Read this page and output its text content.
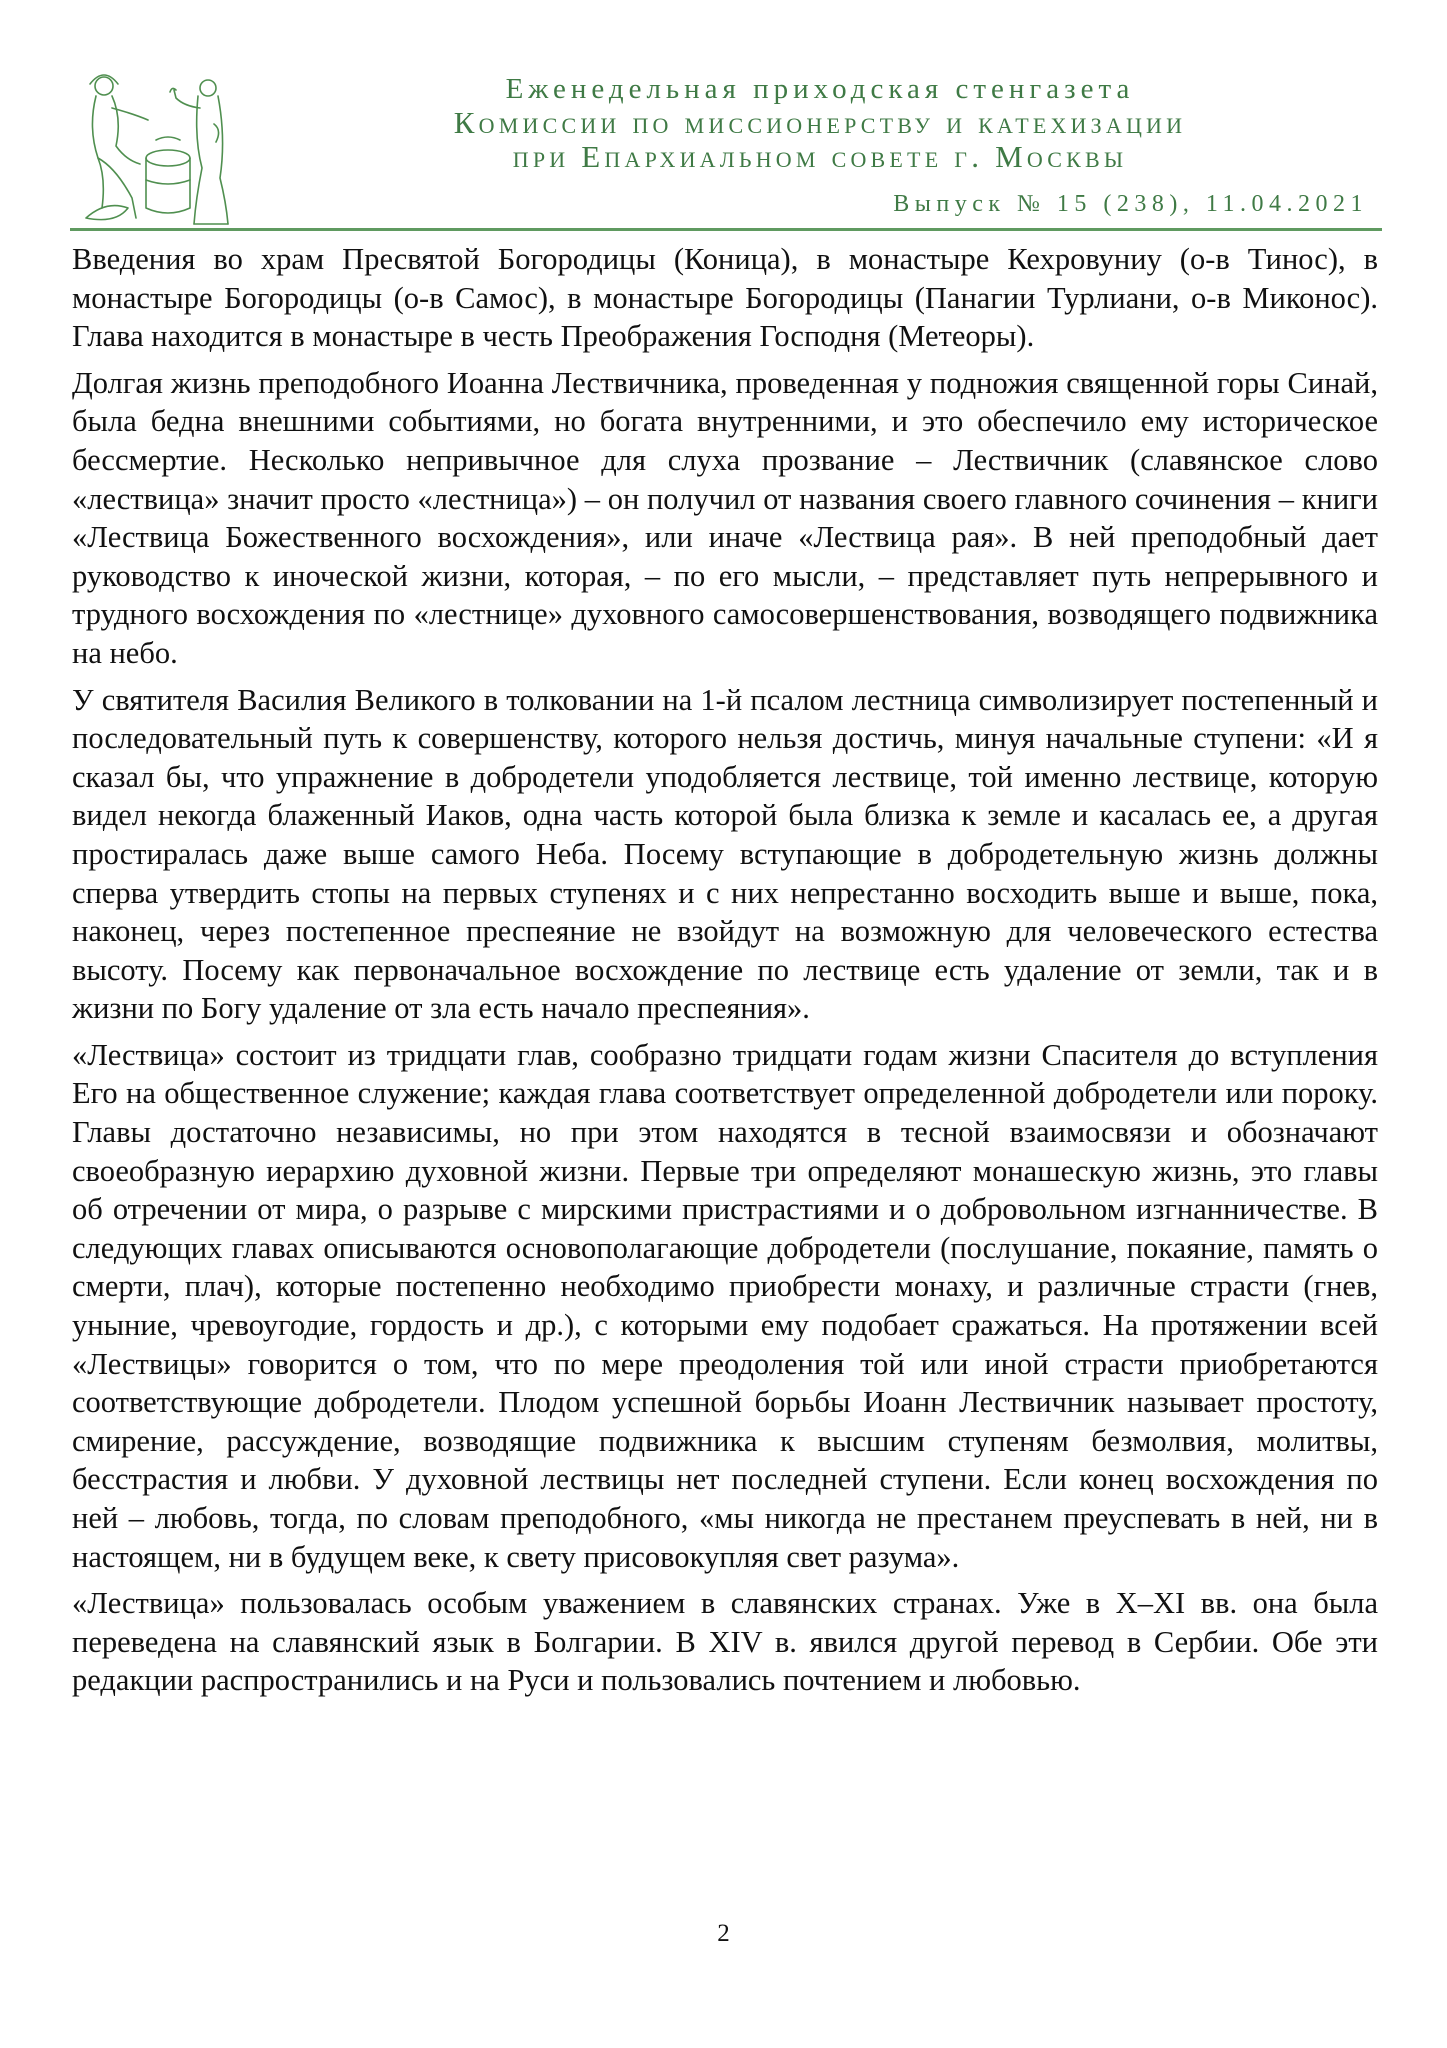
Еженедельная приходская стенгазета
Комиссии по миссионерству и катехизации
при Епархиальном совете г. Москвы
Выпуск № 15 (238), 11.04.2021

Введения во храм Пресвятой Богородицы (Коница), в монастыре Кехровуниу (о-в Тинос), в монастыре Богородицы (о-в Самос), в монастыре Богородицы (Панагии Турлиани, о-в Миконос). Глава находится в монастыре в честь Преображения Господня (Метеоры).

Долгая жизнь преподобного Иоанна Лествичника, проведенная у подножия священной горы Синай, была бедна внешними событиями, но богата внутренними, и это обеспечило ему историческое бессмертие. Несколько непривычное для слуха прозвание – Лествичник (славянское слово «лествица» значит просто «лестница») – он получил от названия своего главного сочинения – книги «Лествица Божественного восхождения», или иначе «Лествица рая». В ней преподобный дает руководство к иноческой жизни, которая, – по его мысли, – представляет путь непрерывного и трудного восхождения по «лестнице» духовного самосовершенствования, возводящего подвижника на небо.

У святителя Василия Великого в толковании на 1-й псалом лестница символизирует постепенный и последовательный путь к совершенству, которого нельзя достичь, минуя начальные ступени: «И я сказал бы, что упражнение в добродетели уподобляется лествице, той именно лествице, которую видел некогда блаженный Иаков, одна часть которой была близка к земле и касалась ее, а другая простиралась даже выше самого Неба. Посему вступающие в добродетельную жизнь должны сперва утвердить стопы на первых ступенях и с них непрестанно восходить выше и выше, пока, наконец, через постепенное преспеяние не взойдут на возможную для человеческого естества высоту. Посему как первоначальное восхождение по лествице есть удаление от земли, так и в жизни по Богу удаление от зла есть начало преспеяния».

«Лествица» состоит из тридцати глав, сообразно тридцати годам жизни Спасителя до вступления Его на общественное служение; каждая глава соответствует определенной добродетели или пороку. Главы достаточно независимы, но при этом находятся в тесной взаимосвязи и обозначают своеобразную иерархию духовной жизни. Первые три определяют монашескую жизнь, это главы об отречении от мира, о разрыве с мирскими пристрастиями и о добровольном изгнанничестве. В следующих главах описываются основополагающие добродетели (послушание, покаяние, память о смерти, плач), которые постепенно необходимо приобрести монаху, и различные страсти (гнев, уныние, чревоугодие, гордость и др.), с которыми ему подобает сражаться. На протяжении всей «Лествицы» говорится о том, что по мере преодоления той или иной страсти приобретаются соответствующие добродетели. Плодом успешной борьбы Иоанн Лествичник называет простоту, смирение, рассуждение, возводящие подвижника к высшим ступеням безмолвия, молитвы, бесстрастия и любви. У духовной лествицы нет последней ступени. Если конец восхождения по ней – любовь, тогда, по словам преподобного, «мы никогда не престанем преуспевать в ней, ни в настоящем, ни в будущем веке, к свету присовокупляя свет разума».

«Лествица» пользовалась особым уважением в славянских странах. Уже в X–XI вв. она была переведена на славянский язык в Болгарии. В XIV в. явился другой перевод в Сербии. Обе эти редакции распространились и на Руси и пользовались почтением и любовью.

2
